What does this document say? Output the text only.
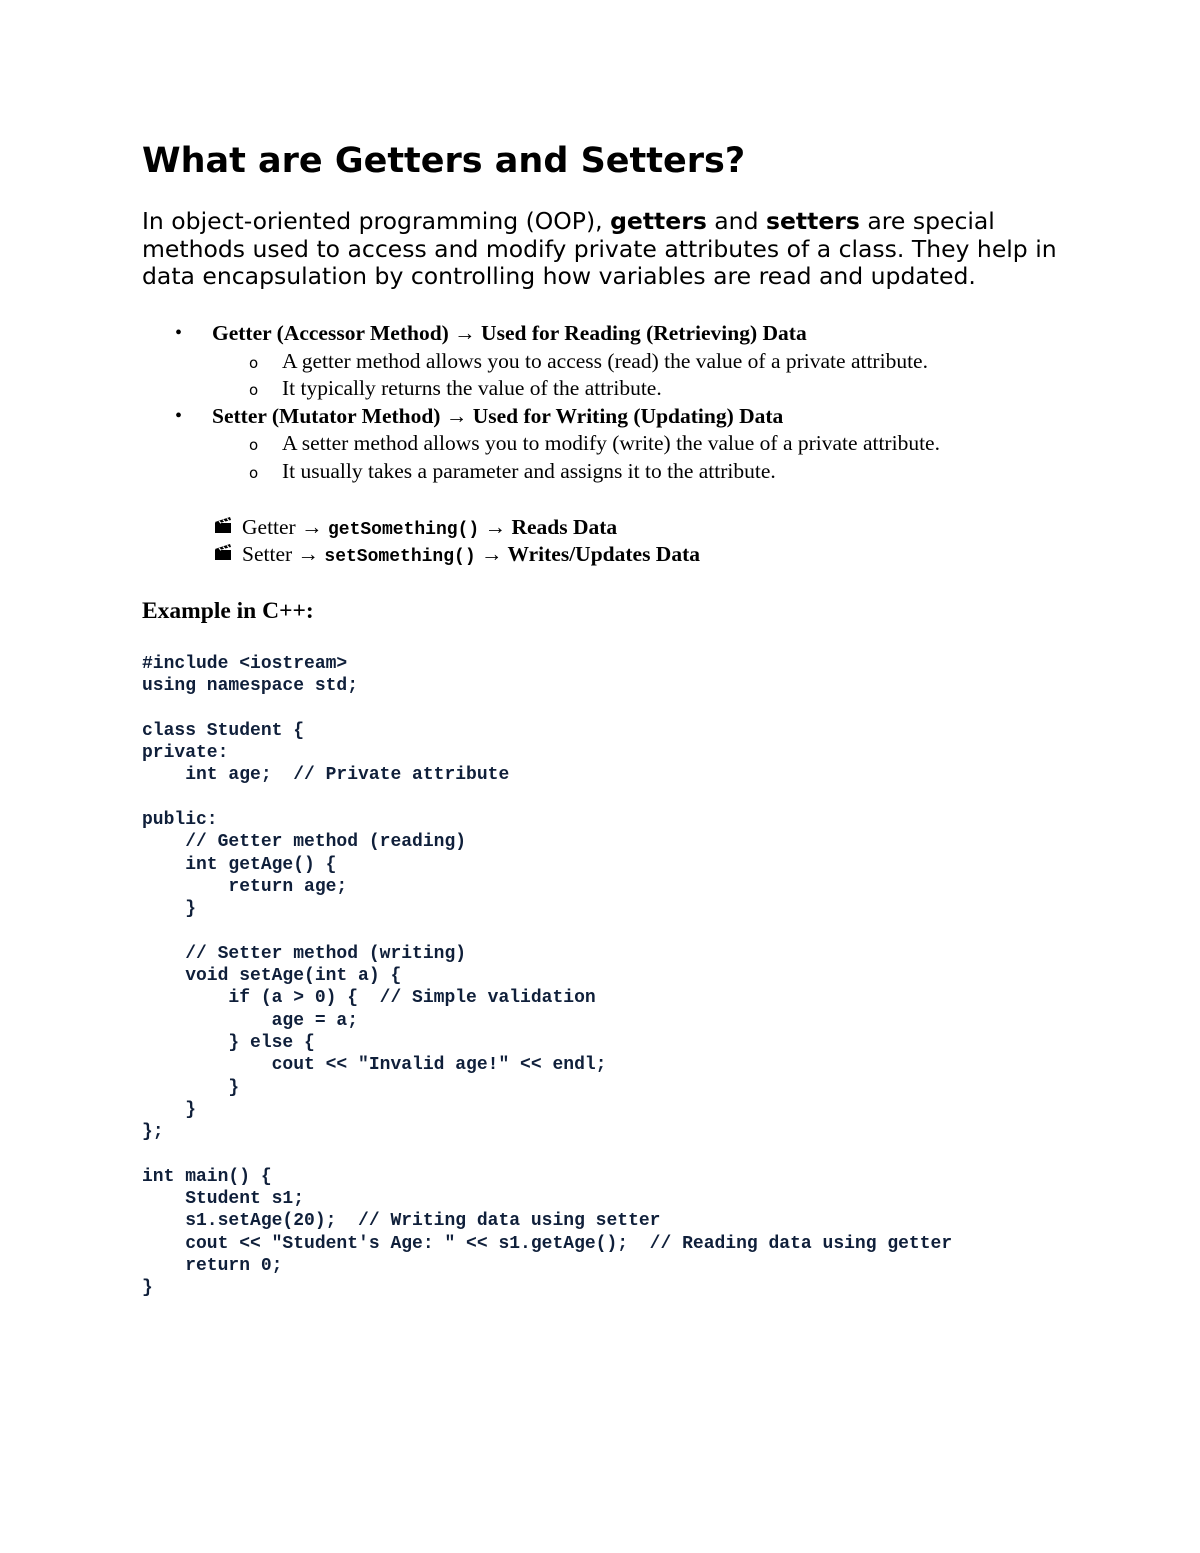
What are Getters and Setters?

In object-oriented programming (OOP), getters and setters are special methods used to access and modify private attributes of a class. They help in data encapsulation by controlling how variables are read and updated.

• Getter (Accessor Method) → Used for Reading (Retrieving) Data
o A getter method allows you to access (read) the value of a private attribute.
o It typically returns the value of the attribute.
• Setter (Mutator Method) → Used for Writing (Updating) Data
o A setter method allows you to modify (write) the value of a private attribute.
o It usually takes a parameter and assigns it to the attribute.
Getter → getSomething() → Reads Data
Setter → setSomething() → Writes/Updates Data
Example in C++:
#include <iostream>
using namespace std;

class Student {
private:
int age;  // Private attribute

public:
// Getter method (reading)
int getAge() {
return age;
}

// Setter method (writing)
void setAge(int a) {
if (a > 0) {  // Simple validation
age = a;
} else {
cout << "Invalid age!" << endl;
}
}
};

int main() {
Student s1;
s1.setAge(20);  // Writing data using setter
cout << "Student's Age: " << s1.getAge();  // Reading data using getter
return 0;
}
